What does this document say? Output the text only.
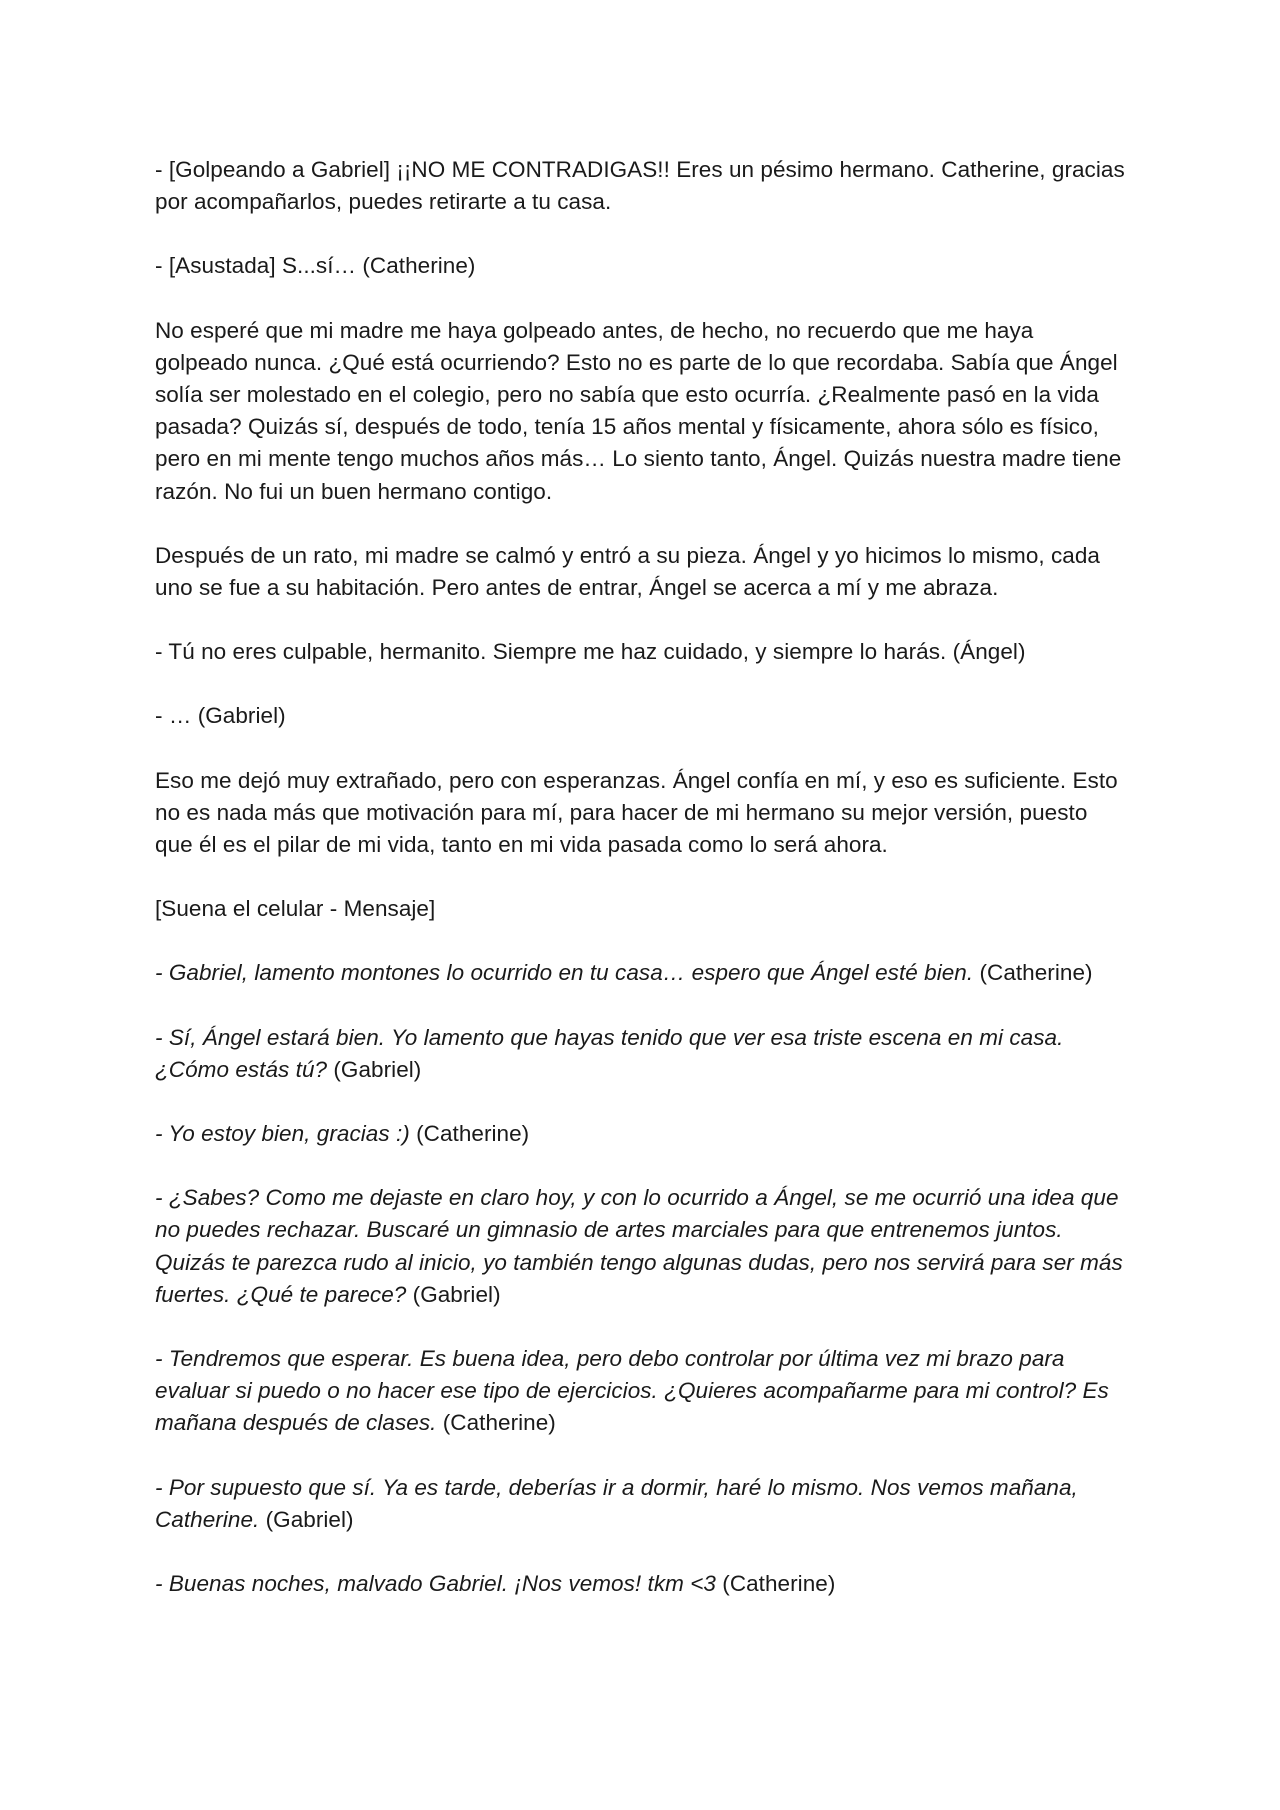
- [Golpeando a Gabriel] ¡¡NO ME CONTRADIGAS!! Eres un pésimo hermano. Catherine, gracias por acompañarlos, puedes retirarte a tu casa.

- [Asustada] S...sí… (Catherine)

No esperé que mi madre me haya golpeado antes, de hecho, no recuerdo que me haya golpeado nunca. ¿Qué está ocurriendo? Esto no es parte de lo que recordaba. Sabía que Ángel solía ser molestado en el colegio, pero no sabía que esto ocurría. ¿Realmente pasó en la vida pasada? Quizás sí, después de todo, tenía 15 años mental y físicamente, ahora sólo es físico, pero en mi mente tengo muchos años más… Lo siento tanto, Ángel. Quizás nuestra madre tiene razón. No fui un buen hermano contigo.

Después de un rato, mi madre se calmó y entró a su pieza. Ángel y yo hicimos lo mismo, cada uno se fue a su habitación. Pero antes de entrar, Ángel se acerca a mí y me abraza.

- Tú no eres culpable, hermanito. Siempre me haz cuidado, y siempre lo harás. (Ángel)

- … (Gabriel)

Eso me dejó muy extrañado, pero con esperanzas. Ángel confía en mí, y eso es suficiente. Esto no es nada más que motivación para mí, para hacer de mi hermano su mejor versión, puesto que él es el pilar de mi vida, tanto en mi vida pasada como lo será ahora.

[Suena el celular - Mensaje]

- Gabriel, lamento montones lo ocurrido en tu casa… espero que Ángel esté bien. (Catherine)

- Sí, Ángel estará bien. Yo lamento que hayas tenido que ver esa triste escena en mi casa. ¿Cómo estás tú? (Gabriel)

- Yo estoy bien, gracias :) (Catherine)

- ¿Sabes? Como me dejaste en claro hoy, y con lo ocurrido a Ángel, se me ocurrió una idea que no puedes rechazar. Buscaré un gimnasio de artes marciales para que entrenemos juntos. Quizás te parezca rudo al inicio, yo también tengo algunas dudas, pero nos servirá para ser más fuertes. ¿Qué te parece? (Gabriel)

- Tendremos que esperar. Es buena idea, pero debo controlar por última vez mi brazo para evaluar si puedo o no hacer ese tipo de ejercicios. ¿Quieres acompañarme para mi control? Es mañana después de clases. (Catherine)

- Por supuesto que sí. Ya es tarde, deberías ir a dormir, haré lo mismo. Nos vemos mañana, Catherine. (Gabriel)

- Buenas noches, malvado Gabriel. ¡Nos vemos! tkm <3 (Catherine)
